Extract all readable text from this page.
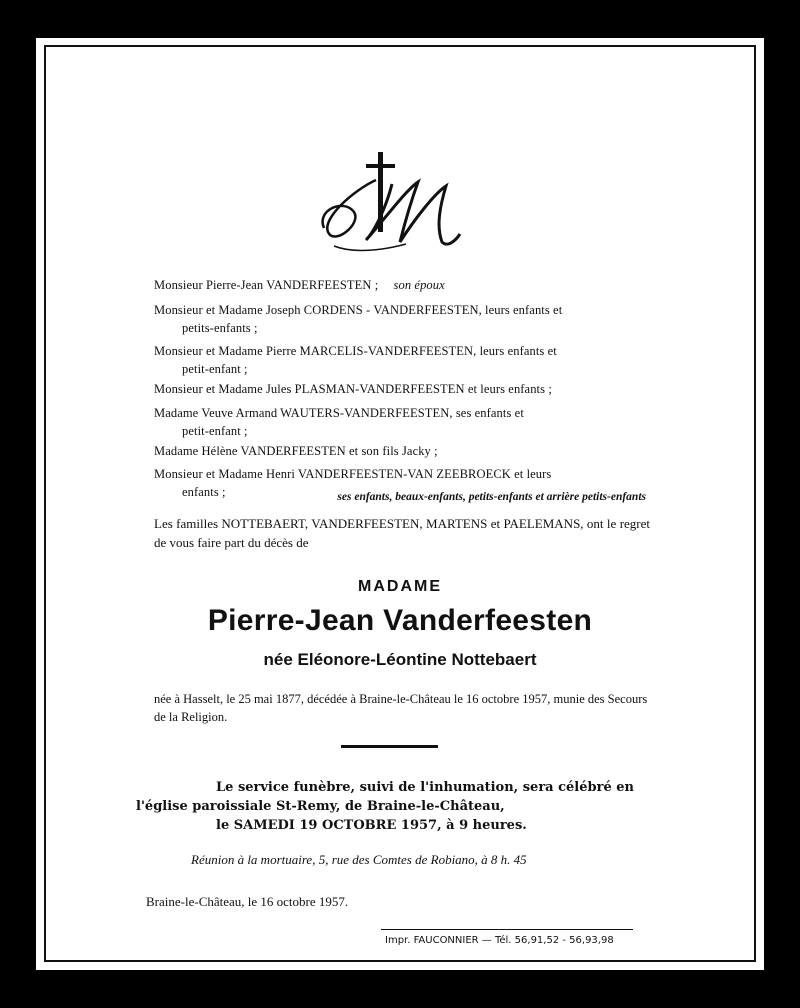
Monsieur Pierre-Jean VANDERFEESTEN ; son époux
Monsieur et Madame Joseph CORDENS - VANDERFEESTEN, leurs enfants et
petits-enfants ;
Monsieur et Madame Pierre MARCELIS-VANDERFEESTEN, leurs enfants et
petit-enfant ;
Monsieur et Madame Jules PLASMAN-VANDERFEESTEN et leurs enfants ;
Madame Veuve Armand WAUTERS-VANDERFEESTEN, ses enfants et
petit-enfant ;
Madame Hélène VANDERFEESTEN et son fils Jacky ;
Monsieur et Madame Henri VANDERFEESTEN-VAN ZEEBROECK et leurs
enfants ;	ses enfants, beaux-enfants, petits-enfants et arrière petits-enfants
Les familles NOTTEBAERT, VANDERFEESTEN, MARTENS et PAELEMANS, ont le regret de vous faire part du décès de
MADAME
Pierre-Jean Vanderfeesten
née Eléonore-Léontine Nottebaert
née à Hasselt, le 25 mai 1877, décédée à Braine-le-Château le 16 octobre 1957, munie des Secours de la Religion.
Le service funèbre, suivi de l'inhumation, sera célébré en
l'église paroissiale St-Remy, de Braine-le-Château,
le SAMEDI 19 OCTOBRE 1957, à 9 heures.
Réunion à la mortuaire, 5, rue des Comtes de Robiano, à 8 h. 45
Braine-le-Château, le 16 octobre 1957.
Impr. FAUCONNIER — Tél. 56,91,52 - 56,93,98
